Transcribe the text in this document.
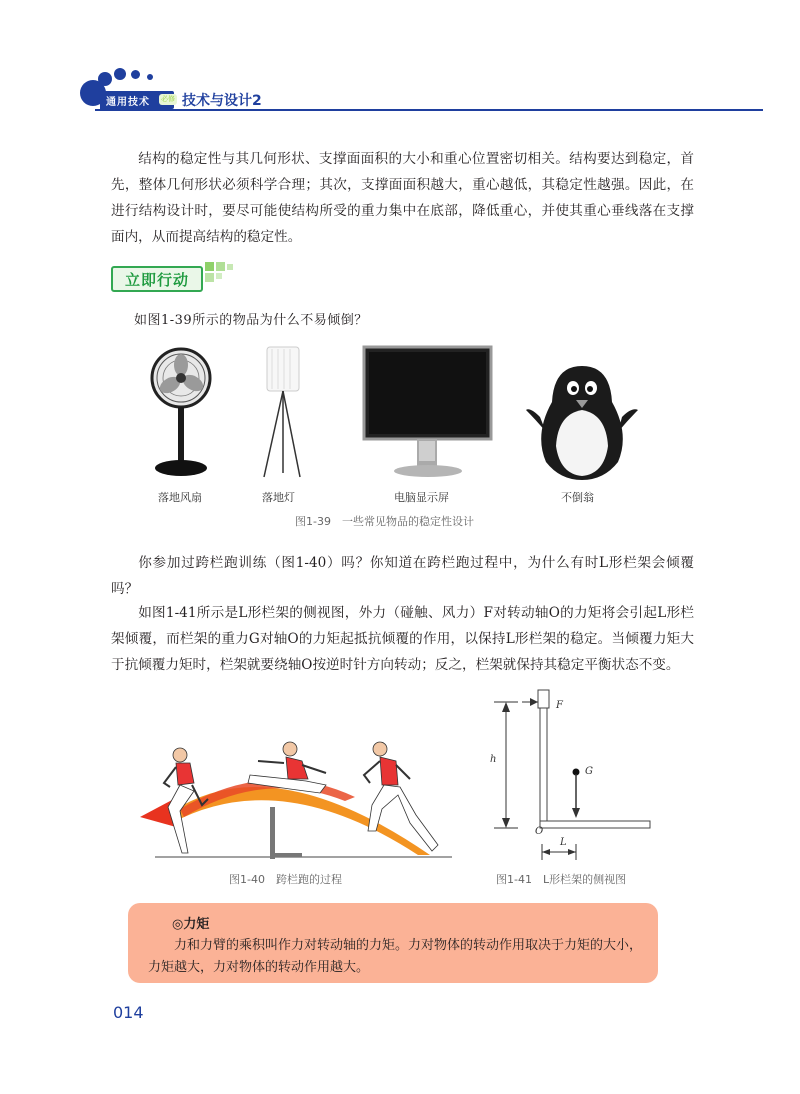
通用技术 必修 技术与设计2

结构的稳定性与其几何形状、支撑面面积的大小和重心位置密切相关。结构要达到稳定，首先，整体几何形状必须科学合理；其次，支撑面面积越大，重心越低，其稳定性越强。因此，在进行结构设计时，要尽可能使结构所受的重力集中在底部，降低重心，并使其重心垂线落在支撑面内，从而提高结构的稳定性。

立即行动

如图1-39所示的物品为什么不易倾倒？

落地风扇	落地灯	电脑显示屏	不倒翁
图1-39　一些常见物品的稳定性设计

你参加过跨栏跑训练（图1-40）吗？你知道在跨栏跑过程中，为什么有时L形栏架会倾覆吗？

如图1-41所示是L形栏架的侧视图，外力（碰触、风力）F对转动轴O的力矩将会引起L形栏架倾覆，而栏架的重力G对轴O的力矩起抵抗倾覆的作用，以保持L形栏架的稳定。当倾覆力矩大于抗倾覆力矩时，栏架就要绕轴O按逆时针方向转动；反之，栏架就保持其稳定平衡状态不变。

图1-40　跨栏跑的过程
F
h
G
O
L
图1-41　L形栏架的侧视图
◎力矩

力和力臂的乘积叫作力对转动轴的力矩。力对物体的转动作用取决于力矩的大小，力矩越大，力对物体的转动作用越大。

014
